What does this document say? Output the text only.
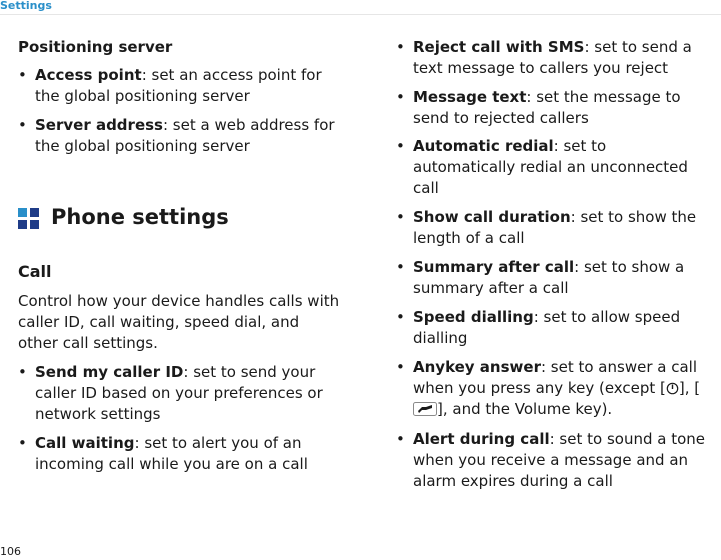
Settings
Positioning server
• Access point: set an access point for the global positioning server
• Server address: set a web address for the global positioning server
Phone settings
Call
Control how your device handles calls with caller ID, call waiting, speed dial, and other call settings.
• Send my caller ID: set to send your caller ID based on your preferences or network settings
• Call waiting: set to alert you of an incoming call while you are on a call
• Reject call with SMS: set to send a text message to callers you reject
• Message text: set the message to send to rejected callers
• Automatic redial: set to automatically redial an unconnected call
• Show call duration: set to show the length of a call
• Summary after call: set to show a summary after a call
• Speed dialling: set to allow speed dialling
• Anykey answer: set to answer a call when you press any key (except [ ], [], and the Volume key).
• Alert during call: set to sound a tone when you receive a message and an alarm expires during a call
106
